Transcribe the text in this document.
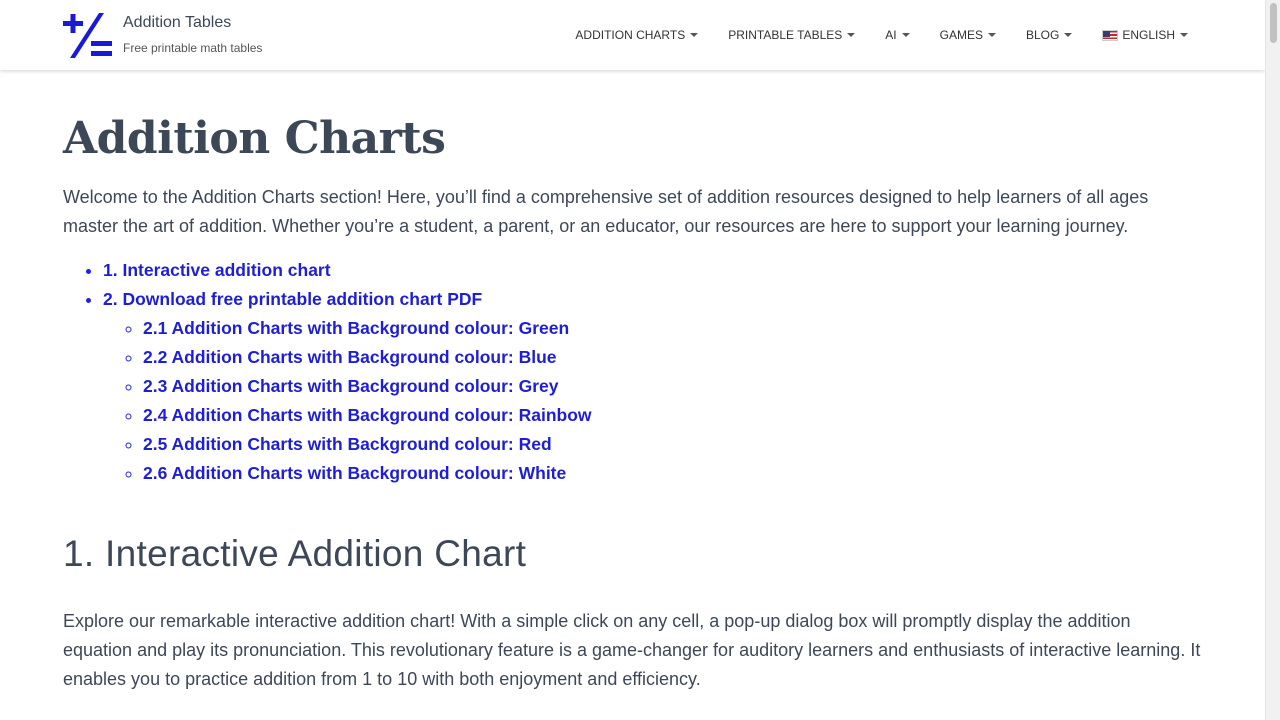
Addition Tables
Free printable math tables
ADDITION CHARTS	PRINTABLE TABLES	AI	GAMES	BLOG	ENGLISH
Addition Charts

Welcome to the Addition Charts section! Here, you’ll find a comprehensive set of addition resources designed to help learners of all ages master the art of addition. Whether you’re a student, a parent, or an educator, our resources are here to support your learning journey.

• 1. Interactive addition chart
• 2. Download free printable addition chart PDF
◦ 2.1 Addition Charts with Background colour: Green
◦ 2.2 Addition Charts with Background colour: Blue
◦ 2.3 Addition Charts with Background colour: Grey
◦ 2.4 Addition Charts with Background colour: Rainbow
◦ 2.5 Addition Charts with Background colour: Red
◦ 2.6 Addition Charts with Background colour: White
1. Interactive Addition Chart

Explore our remarkable interactive addition chart! With a simple click on any cell, a pop-up dialog box will promptly display the addition equation and play its pronunciation. This revolutionary feature is a game-changer for auditory learners and enthusiasts of interactive learning. It enables you to practice addition from 1 to 10 with both enjoyment and efficiency.
